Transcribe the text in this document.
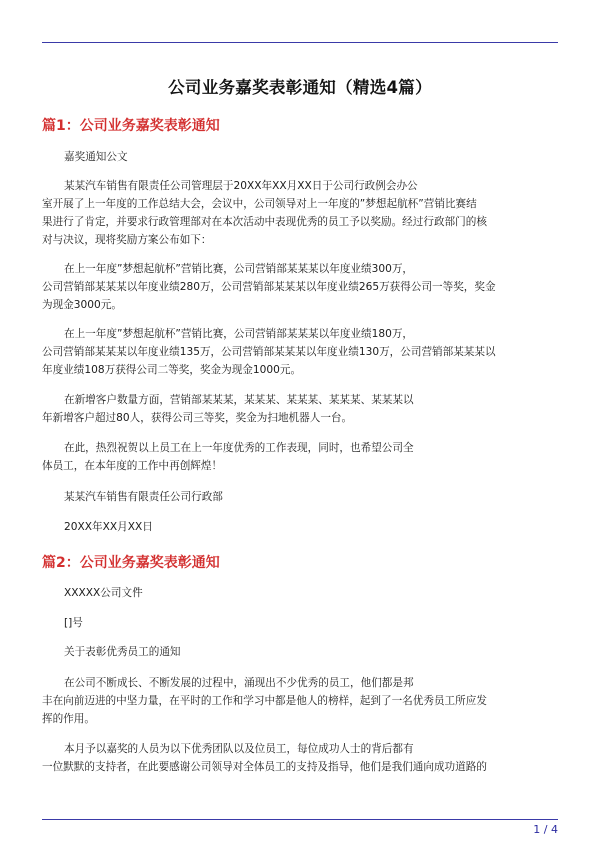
公司业务嘉奖表彰通知（精选4篇）
篇1：公司业务嘉奖表彰通知
嘉奖通知公文
某某汽车销售有限责任公司管理层于20XX年XX月XX日于公司行政例会办公
室开展了上一年度的工作总结大会，会议中，公司领导对上一年度的”梦想起航杯”营销比赛结
果进行了肯定，并要求行政管理部对在本次活动中表现优秀的员工予以奖励。经过行政部门的核
对与决议，现将奖励方案公布如下：
在上一年度”梦想起航杯”营销比赛，公司营销部某某某以年度业绩300万，
公司营销部某某某以年度业绩280万，公司营销部某某某以年度业绩265万获得公司一等奖，奖金
为现金3000元。
在上一年度”梦想起航杯”营销比赛，公司营销部某某某以年度业绩180万，
公司营销部某某某以年度业绩135万，公司营销部某某某以年度业绩130万，公司营销部某某某以
年度业绩108万获得公司二等奖，奖金为现金1000元。
在新增客户数量方面，营销部某某某，某某某、某某某、某某某、某某某以
年新增客户超过80人，获得公司三等奖，奖金为扫地机器人一台。
在此，热烈祝贺以上员工在上一年度优秀的工作表现，同时，也希望公司全
体员工，在本年度的工作中再创辉煌！
某某汽车销售有限责任公司行政部
20XX年XX月XX日
篇2：公司业务嘉奖表彰通知
XXXXX公司文件
[]号
关于表彰优秀员工的通知
在公司不断成长、不断发展的过程中，涌现出不少优秀的员工，他们都是邦
丰在向前迈进的中坚力量，在平时的工作和学习中都是他人的榜样，起到了一名优秀员工所应发
挥的作用。
本月予以嘉奖的人员为以下优秀团队以及位员工，每位成功人士的背后都有
一位默默的支持者，在此要感谢公司领导对全体员工的支持及指导，他们是我们通向成功道路的
1 / 4
